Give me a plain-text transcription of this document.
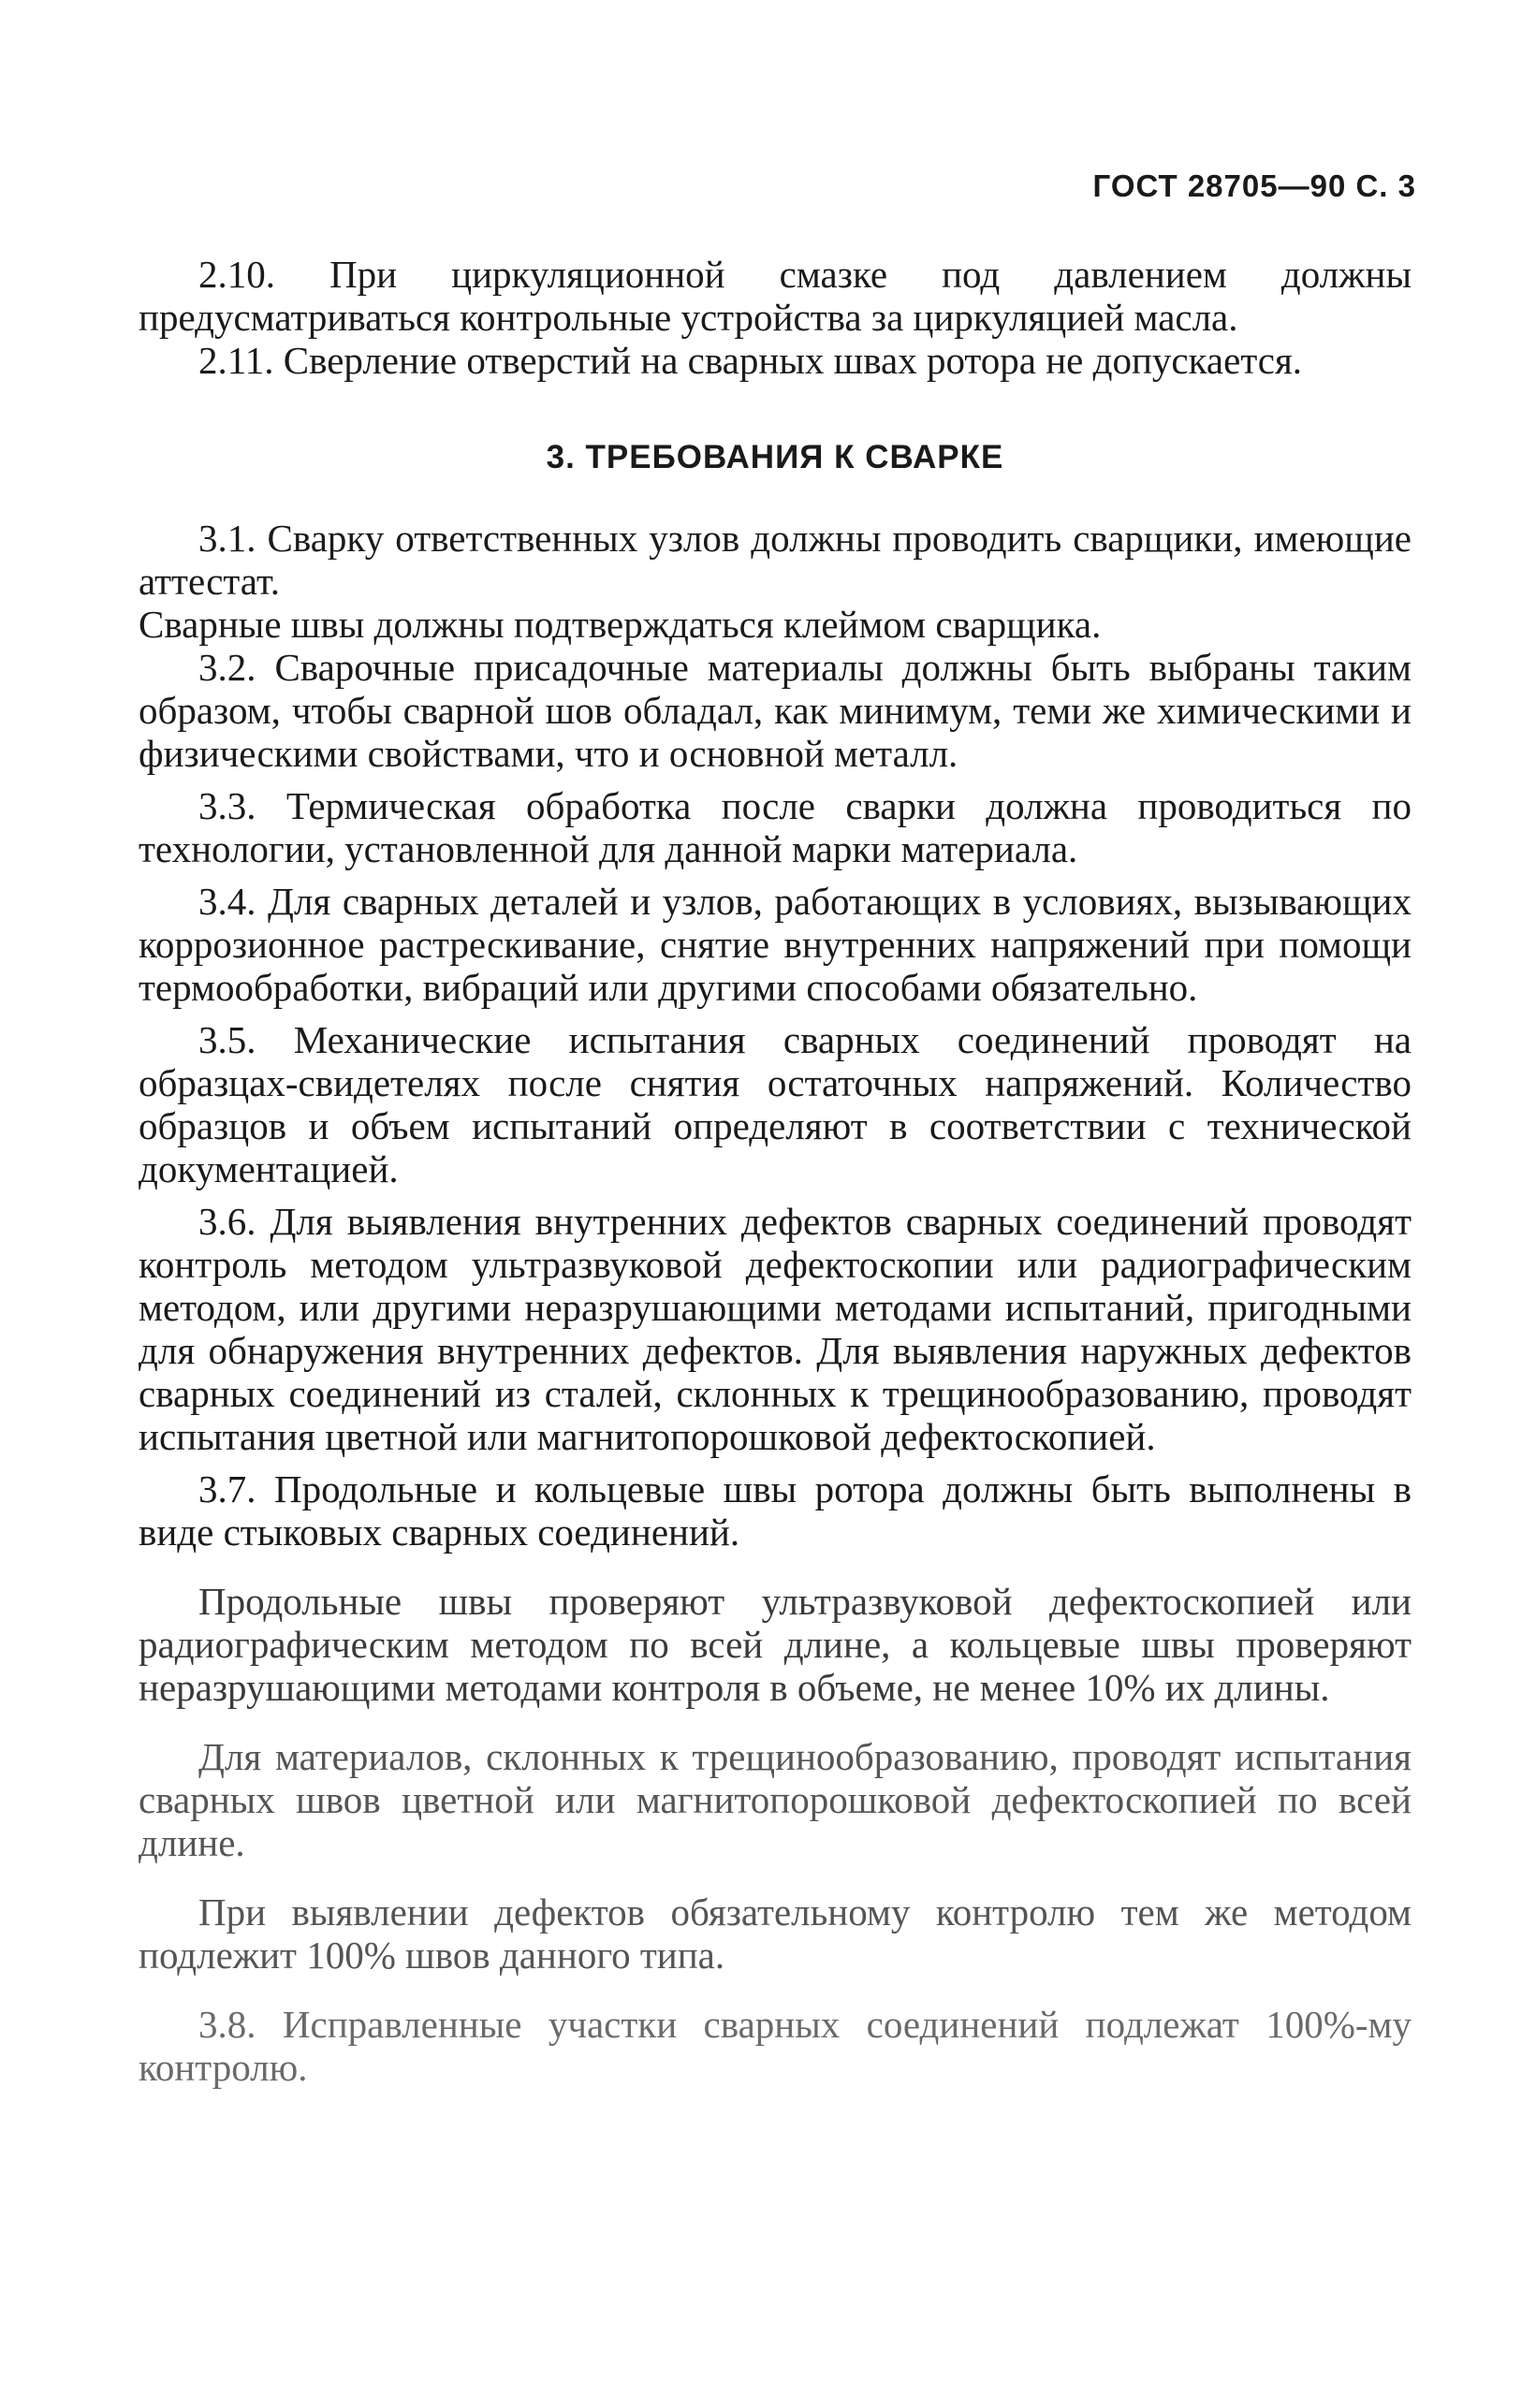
ГОСТ 28705—90 С. 3

2.10. При циркуляционной смазке под давлением должны предусматриваться контрольные устройства за циркуляцией масла.

2.11. Сверление отверстий на сварных швах ротора не допускается.

3. ТРЕБОВАНИЯ К СВАРКЕ

3.1. Сварку ответственных узлов должны проводить сварщики, имеющие аттестат.

Сварные швы должны подтверждаться клеймом сварщика.

3.2. Сварочные присадочные материалы должны быть выбраны таким образом, чтобы сварной шов обладал, как минимум, теми же химическими и физическими свойствами, что и основной металл.

3.3. Термическая обработка после сварки должна проводиться по технологии, установленной для данной марки материала.

3.4. Для сварных деталей и узлов, работающих в условиях, вызывающих коррозионное растрескивание, снятие внутренних напряжений при помощи термообработки, вибраций или другими способами обязательно.

3.5. Механические испытания сварных соединений проводят на образцах-свидетелях после снятия остаточных напряжений. Количество образцов и объем испытаний определяют в соответствии с технической документацией.

3.6. Для выявления внутренних дефектов сварных соединений проводят контроль методом ультразвуковой дефектоскопии или радиографическим методом, или другими неразрушающими методами испытаний, пригодными для обнаружения внутренних дефектов. Для выявления наружных дефектов сварных соединений из сталей, склонных к трещинообразованию, проводят испытания цветной или магнитопорошковой дефектоскопией.

3.7. Продольные и кольцевые швы ротора должны быть выполнены в виде стыковых сварных соединений.

Продольные швы проверяют ультразвуковой дефектоскопией или радиографическим методом по всей длине, а кольцевые швы проверяют неразрушающими методами контроля в объеме, не менее 10% их длины.

Для материалов, склонных к трещинообразованию, проводят испытания сварных швов цветной или магнитопорошковой дефектоскопией по всей длине.

При выявлении дефектов обязательному контролю тем же методом подлежит 100% швов данного типа.

3.8. Исправленные участки сварных соединений подлежат 100%-му контролю.
